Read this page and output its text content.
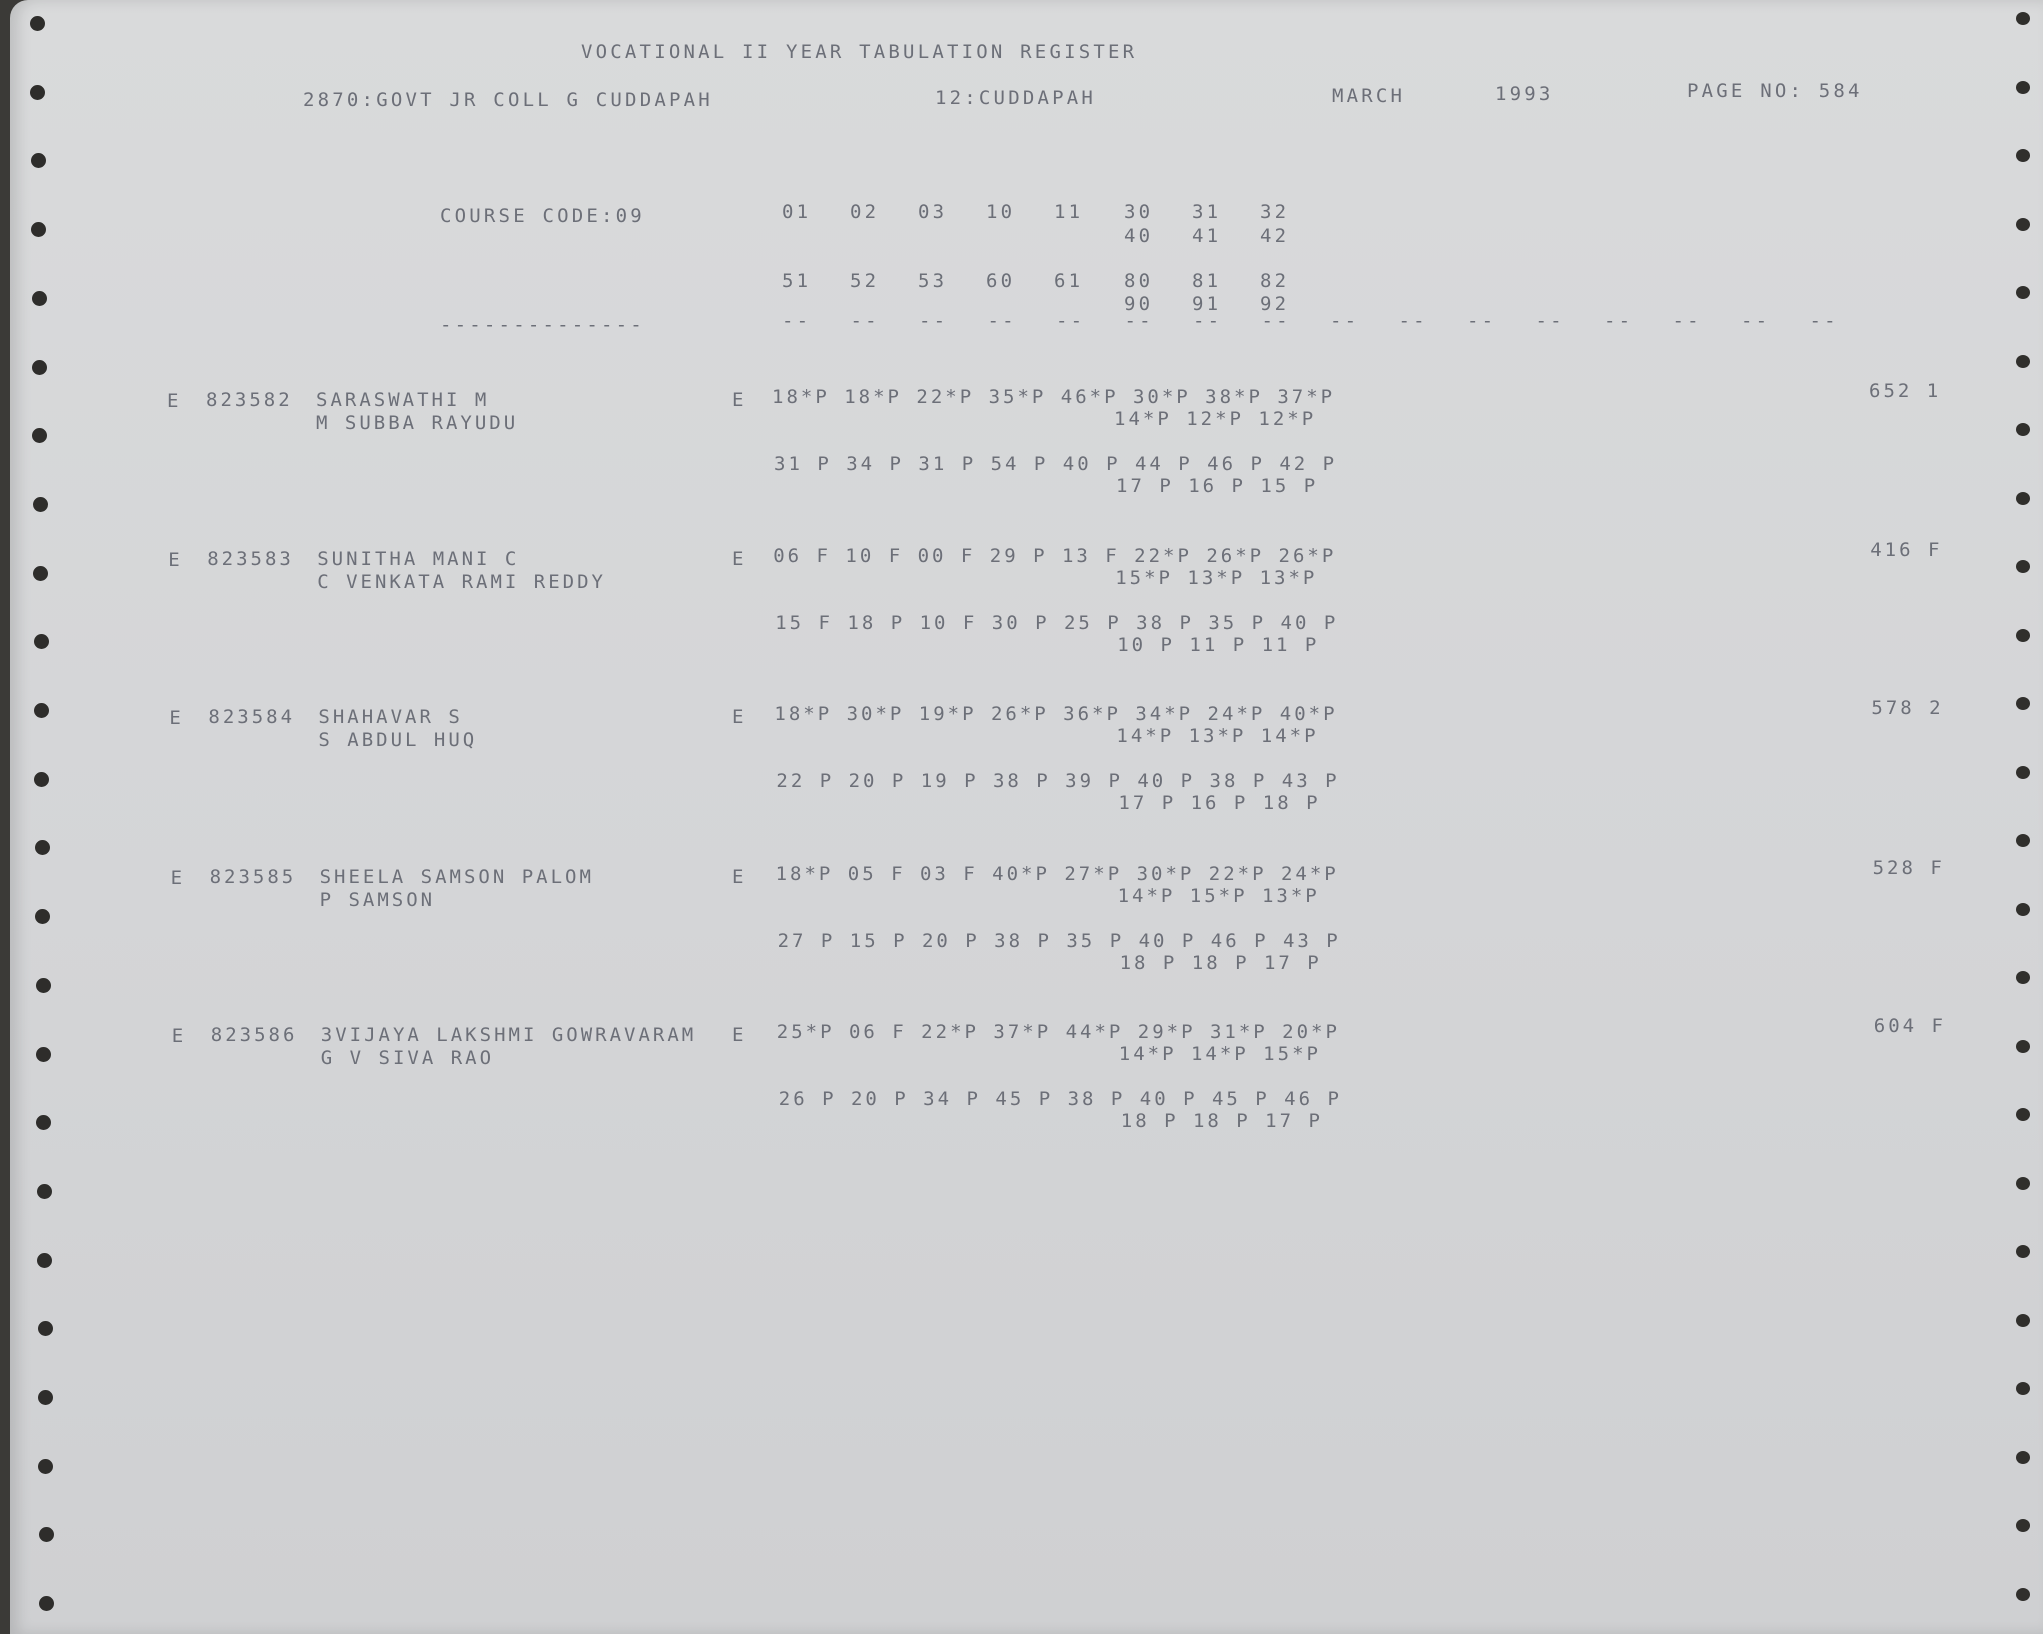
VOCATIONAL II YEAR TABULATION REGISTER
2870:GOVT JR COLL G CUDDAPAH	12:CUDDAPAH	MARCH	1993	PAGE NO: 584
COURSE CODE:09
--------------
01 02 03 10 11 30 31 32
40 41 42
51 52 53 60 61 80 81 82
90 91 92
-- -- -- -- -- -- -- -- -- -- -- -- -- -- -- --
E 823582 SARASWATHI M
M SUBBA RAYUDU
E 18*P 18*P 22*P 35*P 46*P 30*P 38*P 37*P
14*P 12*P 12*P
31 P 34 P 31 P 54 P 40 P 44 P 46 P 42 P
17 P 16 P 15 P
652 1
E 823583 SUNITHA MANI C
C VENKATA RAMI REDDY
E 06 F 10 F 00 F 29 P 13 F 22*P 26*P 26*P
15*P 13*P 13*P
15 F 18 P 10 F 30 P 25 P 38 P 35 P 40 P
10 P 11 P 11 P
416 F
E 823584 SHAHAVAR S
S ABDUL HUQ
E 18*P 30*P 19*P 26*P 36*P 34*P 24*P 40*P
14*P 13*P 14*P
22 P 20 P 19 P 38 P 39 P 40 P 38 P 43 P
17 P 16 P 18 P
578 2
E 823585 SHEELA SAMSON PALOM
P SAMSON
E 18*P 05 F 03 F 40*P 27*P 30*P 22*P 24*P
14*P 15*P 13*P
27 P 15 P 20 P 38 P 35 P 40 P 46 P 43 P
18 P 18 P 17 P
528 F
E 823586 3VIJAYA LAKSHMI GOWRAVARAM
G V SIVA RAO
E 25*P 06 F 22*P 37*P 44*P 29*P 31*P 20*P
14*P 14*P 15*P
26 P 20 P 34 P 45 P 38 P 40 P 45 P 46 P
18 P 18 P 17 P
604 F
